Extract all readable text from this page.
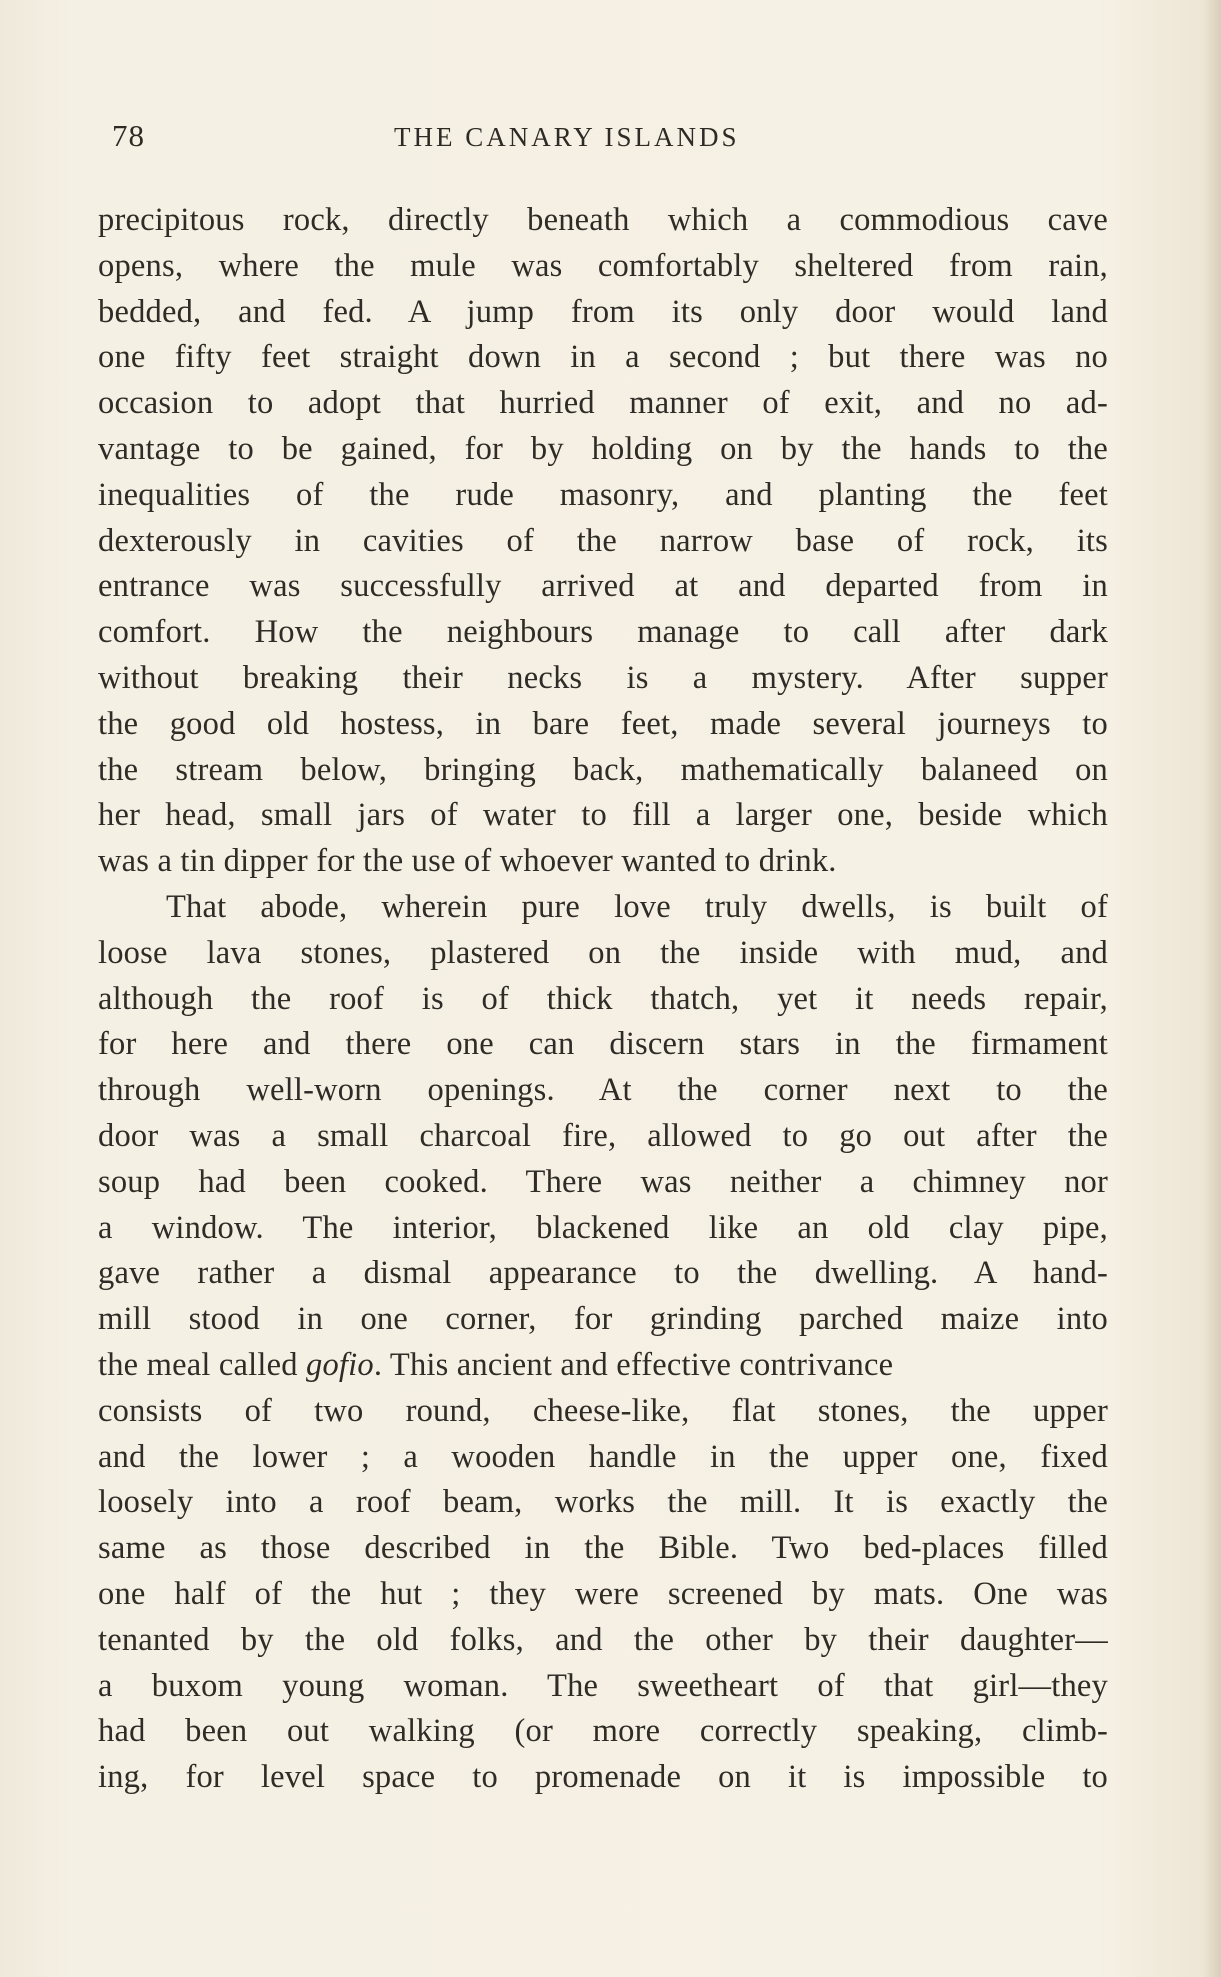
78	THE CANARY ISLANDS
precipitous rock, directly beneath which a commodious cave
opens, where the mule was comfortably sheltered from rain,
bedded, and fed. A jump from its only door would land
one fifty feet straight down in a second ; but there was no
occasion to adopt that hurried manner of exit, and no ad-
vantage to be gained, for by holding on by the hands to the
inequalities of the rude masonry, and planting the feet
dexterously in cavities of the narrow base of rock, its
entrance was successfully arrived at and departed from in
comfort. How the neighbours manage to call after dark
without breaking their necks is a mystery. After supper
the good old hostess, in bare feet, made several journeys to
the stream below, bringing back, mathematically balaneed on
her head, small jars of water to fill a larger one, beside which
was a tin dipper for the use of whoever wanted to drink.
That abode, wherein pure love truly dwells, is built of
loose lava stones, plastered on the inside with mud, and
although the roof is of thick thatch, yet it needs repair,
for here and there one can discern stars in the firmament
through well-worn openings. At the corner next to the
door was a small charcoal fire, allowed to go out after the
soup had been cooked. There was neither a chimney nor
a window. The interior, blackened like an old clay pipe,
gave rather a dismal appearance to the dwelling. A hand-
mill stood in one corner, for grinding parched maize into
the meal called gofio. This ancient and effective contrivance
consists of two round, cheese-like, flat stones, the upper
and the lower ; a wooden handle in the upper one, fixed
loosely into a roof beam, works the mill. It is exactly the
same as those described in the Bible. Two bed-places filled
one half of the hut ; they were screened by mats. One was
tenanted by the old folks, and the other by their daughter—
a buxom young woman. The sweetheart of that girl—they
had been out walking (or more correctly speaking, climb-
ing, for level space to promenade on it is impossible to
